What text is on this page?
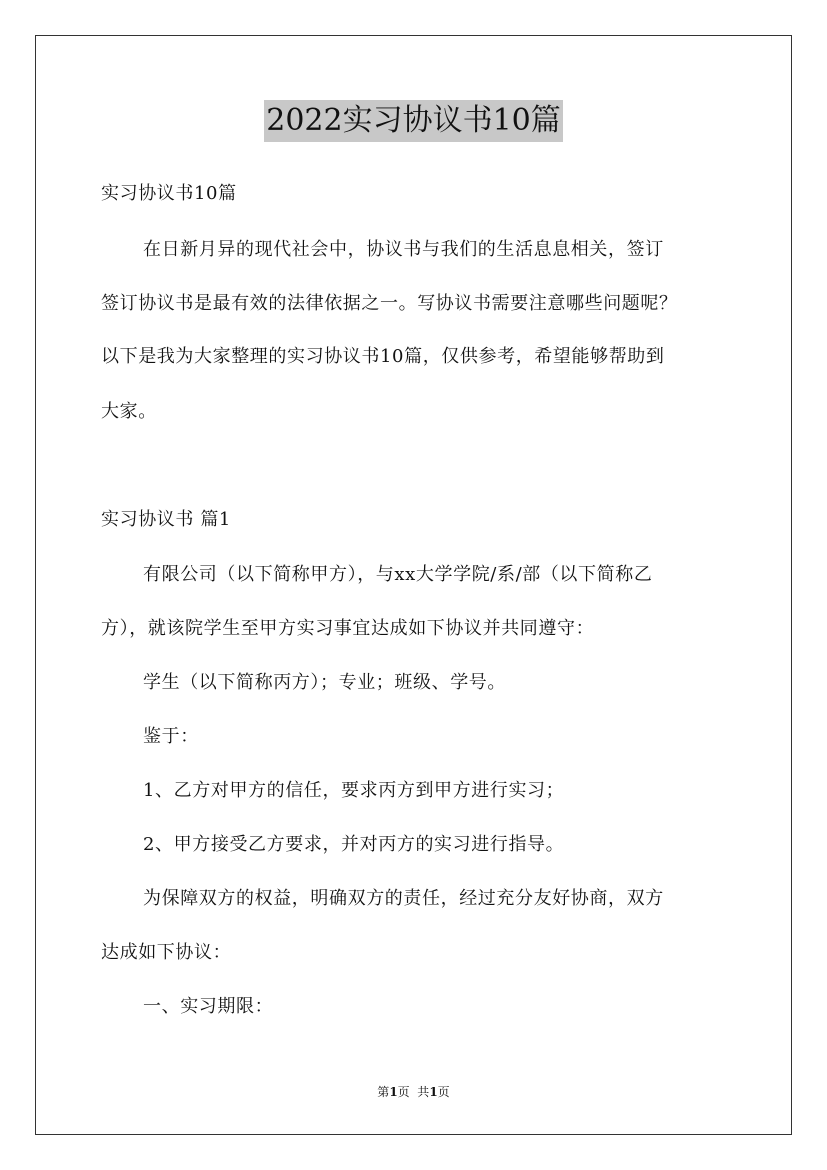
2022实习协议书10篇
实习协议书10篇
在日新月异的现代社会中，协议书与我们的生活息息相关，签订
签订协议书是最有效的法律依据之一。写协议书需要注意哪些问题呢？
以下是我为大家整理的实习协议书10篇，仅供参考，希望能够帮助到
大家。
实习协议书 篇1
有限公司（以下简称甲方），与xx大学学院/系/部（以下简称乙
方），就该院学生至甲方实习事宜达成如下协议并共同遵守：
学生（以下简称丙方）；专业；班级、学号。
鉴于：
1、乙方对甲方的信任，要求丙方到甲方进行实习；
2、甲方接受乙方要求，并对丙方的实习进行指导。
为保障双方的权益，明确双方的责任，经过充分友好协商，双方
达成如下协议：
一、实习期限：
第1页  共1页
